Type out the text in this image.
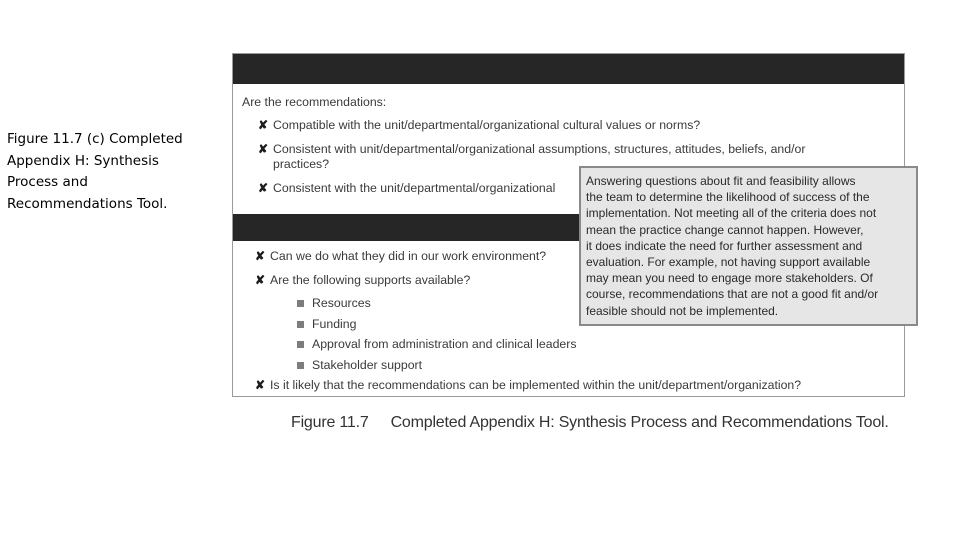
Figure 11.7 (c) Completed Appendix H: Synthesis Process and Recommendations Tool.
Are the recommendations:
✘ Compatible with the unit/departmental/organizational cultural values or norms?
✘ Consistent with unit/departmental/organizational assumptions, structures, attitudes, beliefs, and/or
practices?
✘ Consistent with the unit/departmental/organizational
✘ Can we do what they did in our work environment?
✘ Are the following supports available?
Resources
Funding
Approval from administration and clinical leaders
Stakeholder support
✘ Is it likely that the recommendations can be implemented within the unit/department/organization?

Answering questions about fit and feasibility allows

the team to determine the likelihood of success of the

implementation. Not meeting all of the criteria does not

mean the practice change cannot happen. However,

it does indicate the need for further assessment and

evaluation. For example, not having support available

may mean you need to engage more stakeholders. Of

course, recommendations that are not a good fit and/or

feasible should not be implemented.

Figure 11.7 Completed Appendix H: Synthesis Process and Recommendations Tool.
